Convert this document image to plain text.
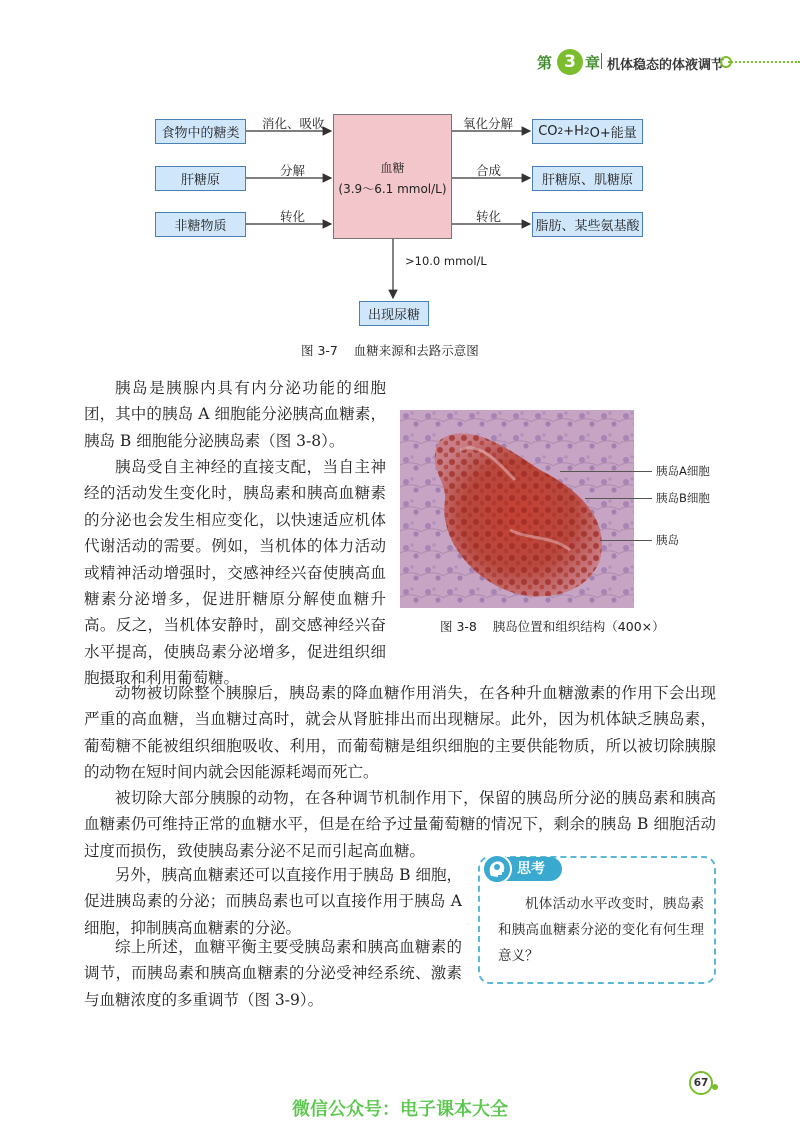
第 3 章 机体稳态的体液调节
食物中的糖类
肝糖原
非糖物质
消化、吸收
分解
转化
血糖
(3.9～6.1 mmol/L)
氧化分解
合成
转化
CO 2 +H 2 O+能量
肝糖原、肌糖原
脂肪、某些氨基酸
>10.0 mmol/L
出现尿糖
图 3-7    血糖来源和去路示意图

胰岛是胰腺内具有内分泌功能的细胞团，其中的胰岛 A 细胞能分泌胰高血糖素，胰岛 B 细胞能分泌胰岛素（图 3-8）。

胰岛受自主神经的直接支配，当自主神经的活动发生变化时，胰岛素和胰高血糖素的分泌也会发生相应变化，以快速适应机体代谢活动的需要。例如，当机体的体力活动或精神活动增强时，交感神经兴奋使胰高血糖素分泌增多，促进肝糖原分解使血糖升高。反之，当机体安静时，副交感神经兴奋水平提高，使胰岛素分泌增多，促进组织细胞摄取和利用葡萄糖。

胰岛A细胞
胰岛B细胞
胰岛
图 3-8    胰岛位置和组织结构（400×）

动物被切除整个胰腺后，胰岛素的降血糖作用消失，在各种升血糖激素的作用下会出现严重的高血糖，当血糖过高时，就会从肾脏排出而出现糖尿。此外，因为机体缺乏胰岛素，葡萄糖不能被组织细胞吸收、利用，而葡萄糖是组织细胞的主要供能物质，所以被切除胰腺的动物在短时间内就会因能源耗竭而死亡。

被切除大部分胰腺的动物，在各种调节机制作用下，保留的胰岛所分泌的胰岛素和胰高血糖素仍可维持正常的血糖水平，但是在给予过量葡萄糖的情况下，剩余的胰岛 B 细胞活动过度而损伤，致使胰岛素分泌不足而引起高血糖。

另外，胰高血糖素还可以直接作用于胰岛 B 细胞，促进胰岛素的分泌；而胰岛素也可以直接作用于胰岛 A 细胞，抑制胰高血糖素的分泌。

综上所述，血糖平衡主要受胰岛素和胰高血糖素的调节，而胰岛素和胰高血糖素的分泌受神经系统、激素与血糖浓度的多重调节（图 3-9）。

思考

机体活动水平改变时，胰岛素和胰高血糖素分泌的变化有何生理意义？

67
微信公众号：电子课本大全
